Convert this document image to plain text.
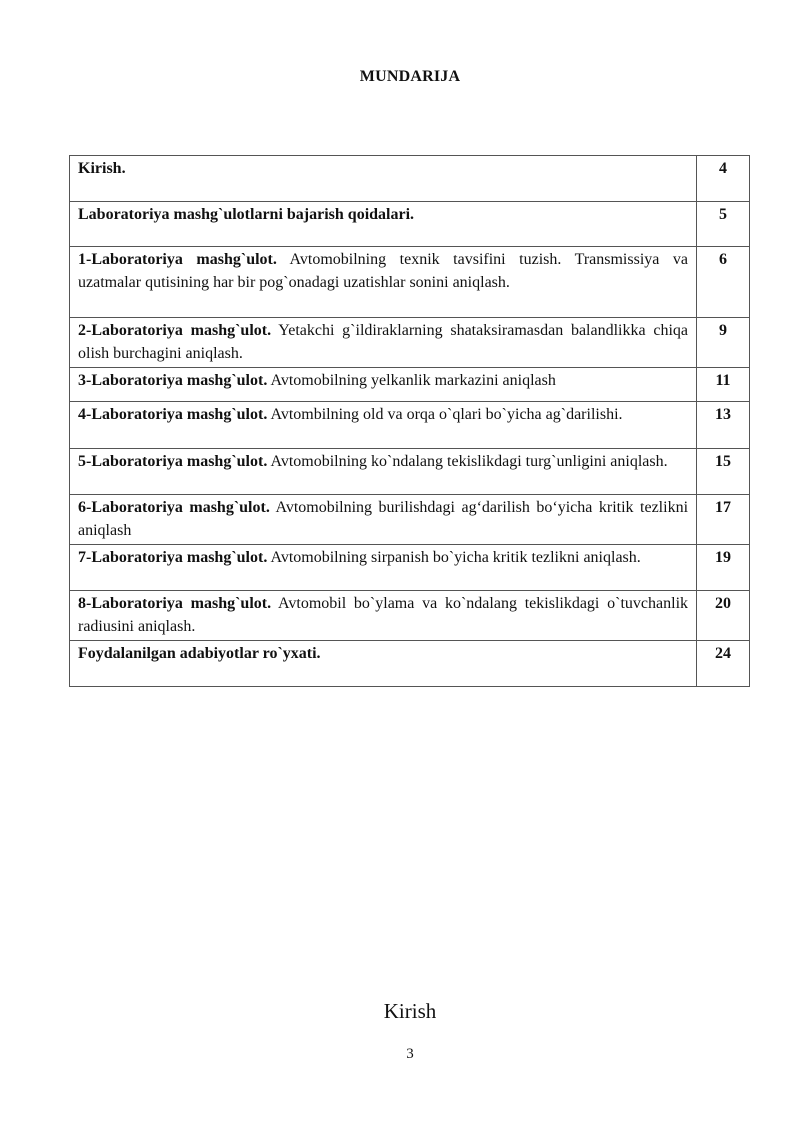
MUNDARIJA
Kirish.	4
Laboratoriya mashg`ulotlarni bajarish qoidalari.	5
1-Laboratoriya mashg`ulot. Avtomobilning texnik tavsifini tuzish. Transmissiya va uzatmalar qutisining har bir pog`onadagi uzatishlar sonini aniqlash.	6
2-Laboratoriya mashg`ulot. Yetakchi g`ildiraklarning shataksiramasdan balandlikka chiqa olish burchagini aniqlash.	9
3-Laboratoriya mashg`ulot. Avtomobilning yelkanlik markazini aniqlash	11
4-Laboratoriya mashg`ulot. Avtombilning old va orqa o`qlari bo`yicha ag`darilishi.	13
5-Laboratoriya mashg`ulot. Avtomobilning ko`ndalang tekislikdagi turg`unligini aniqlash.	15
6-Laboratoriya mashg`ulot. Avtomobilning burilishdagi ag‘darilish bo‘yicha kritik tezlikni aniqlash	17
7-Laboratoriya mashg`ulot. Avtomobilning sirpanish bo`yicha kritik tezlikni aniqlash.	19
8-Laboratoriya mashg`ulot. Avtomobil bo`ylama va ko`ndalang tekislikdagi o`tuvchanlik radiusini aniqlash.	20
Foydalanilgan adabiyotlar ro`yxati.	24
Kirish
3
